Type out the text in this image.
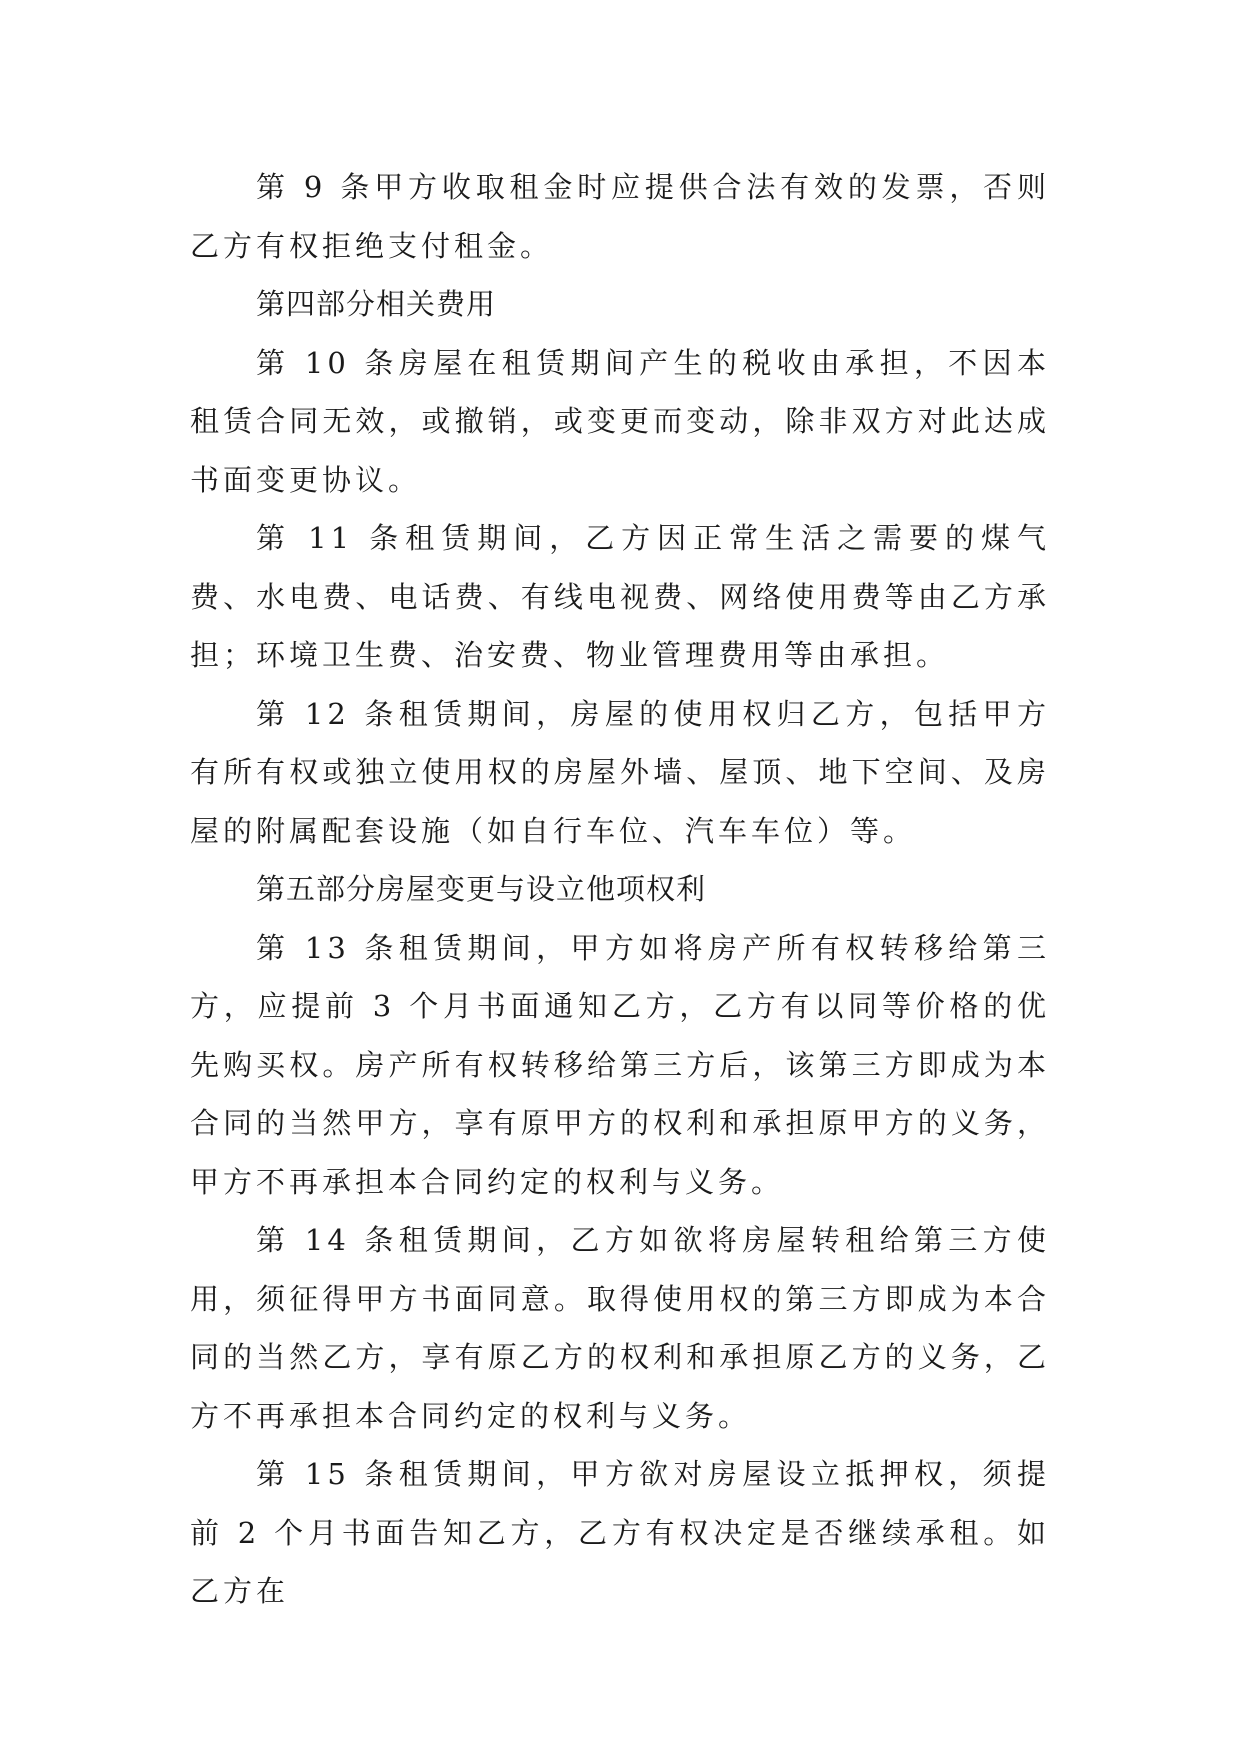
第 9 条甲方收取租金时应提供合法有效的发票，否则乙方有权拒绝支付租金。

第四部分相关费用

第 10 条房屋在租赁期间产生的税收由承担，不因本租赁合同无效，或撤销，或变更而变动，除非双方对此达成书面变更协议。

第 11 条租赁期间，乙方因正常生活之需要的煤气费、水电费、电话费、有线电视费、网络使用费等由乙方承担；环境卫生费、治安费、物业管理费用等由承担。

第 12 条租赁期间，房屋的使用权归乙方，包括甲方有所有权或独立使用权的房屋外墙、屋顶、地下空间、及房屋的附属配套设施（如自行车位、汽车车位）等。

第五部分房屋变更与设立他项权利

第 13 条租赁期间，甲方如将房产所有权转移给第三方，应提前 3 个月书面通知乙方，乙方有以同等价格的优先购买权。房产所有权转移给第三方后，该第三方即成为本合同的当然甲方，享有原甲方的权利和承担原甲方的义务，甲方不再承担本合同约定的权利与义务。

第 14 条租赁期间，乙方如欲将房屋转租给第三方使用，须征得甲方书面同意。取得使用权的第三方即成为本合同的当然乙方，享有原乙方的权利和承担原乙方的义务，乙方不再承担本合同约定的权利与义务。

第 15 条租赁期间，甲方欲对房屋设立抵押权，须提前 2 个月书面告知乙方，乙方有权决定是否继续承租。如乙方在
